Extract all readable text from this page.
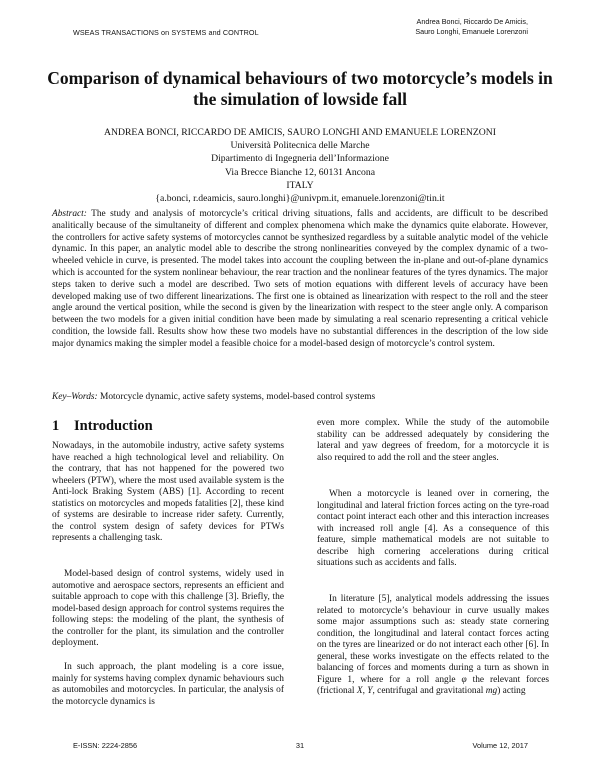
WSEAS TRANSACTIONS on SYSTEMS and CONTROL
Andrea Bonci, Riccardo De Amicis,
Sauro Longhi, Emanuele Lorenzoni
Comparison of dynamical behaviours of two motorcycle’s models in
the simulation of lowside fall
ANDREA BONCI, RICCARDO DE AMICIS, SAURO LONGHI AND EMANUELE LORENZONI
Università Politecnica delle Marche
Dipartimento di Ingegneria dell’Informazione
Via Brecce Bianche 12, 60131 Ancona
ITALY
{a.bonci, r.deamicis, sauro.longhi}@univpm.it, emanuele.lorenzoni@tin.it
Abstract: The study and analysis of motorcycle’s critical driving situations, falls and accidents, are difficult to be described analitically because of the simultaneity of different and complex phenomena which make the dynamics quite elaborate. However, the controllers for active safety systems of motorcycles cannot be synthesized regardless by a suitable analytic model of the vehicle dynamic. In this paper, an analytic model able to describe the strong nonlinearities conveyed by the complex dynamic of a two-wheeled vehicle in curve, is presented. The model takes into account the coupling between the in-plane and out-of-plane dynamics which is accounted for the system nonlinear behaviour, the rear traction and the nonlinear features of the tyres dynamics. The major steps taken to derive such a model are described. Two sets of motion equations with different levels of accuracy have been developed making use of two different linearizations. The first one is obtained as linearization with respect to the roll and the steer angle around the vertical position, while the second is given by the linearization with respect to the steer angle only. A comparison between the two models for a given initial condition have been made by simulating a real scenario representing a critical vehicle condition, the lowside fall. Results show how these two models have no substantial differences in the description of the low side major dynamics making the simpler model a feasible choice for a model-based design of motorcycle’s control system.
Key–Words: Motorcycle dynamic, active safety systems, model-based control systems
1 Introduction

Nowadays, in the automobile industry, active safety systems have reached a high technological level and reliability. On the contrary, that has not happened for the powered two wheelers (PTW), where the most used available system is the Anti-lock Braking System (ABS) [1]. According to recent statistics on motorcycles and mopeds fatalities [2], these kind of systems are desirable to increase rider safety. Currently, the control system design of safety devices for PTWs represents a challenging task.

Model-based design of control systems, widely used in automotive and aerospace sectors, represents an efficient and suitable approach to cope with this challenge [3]. Briefly, the model-based design approach for control systems requires the following steps: the modeling of the plant, the synthesis of the controller for the plant, its simulation and the controller deployment.

In such approach, the plant modeling is a core issue, mainly for systems having complex dynamic behaviours such as automobiles and motorcycles. In particular, the analysis of the motorcycle dynamics is

even more complex. While the study of the automobile stability can be addressed adequately by considering the lateral and yaw degrees of freedom, for a motorcycle it is also required to add the roll and the steer angles.

When a motorcycle is leaned over in cornering, the longitudinal and lateral friction forces acting on the tyre-road contact point interact each other and this interaction increases with increased roll angle [4]. As a consequence of this feature, simple mathematical models are not suitable to describe high cornering accelerations during critical situations such as accidents and falls.

In literature [5], analytical models addressing the issues related to motorcycle’s behaviour in curve usually makes some major assumptions such as: steady state cornering condition, the longitudinal and lateral contact forces acting on the tyres are linearized or do not interact each other [6]. In general, these works investigate on the effects related to the balancing of forces and moments during a turn as shown in Figure 1, where for a roll angle φ the relevant forces (frictional X, Y, centrifugal and gravitational mg) acting

E-ISSN: 2224-2856	31	Volume 12, 2017
